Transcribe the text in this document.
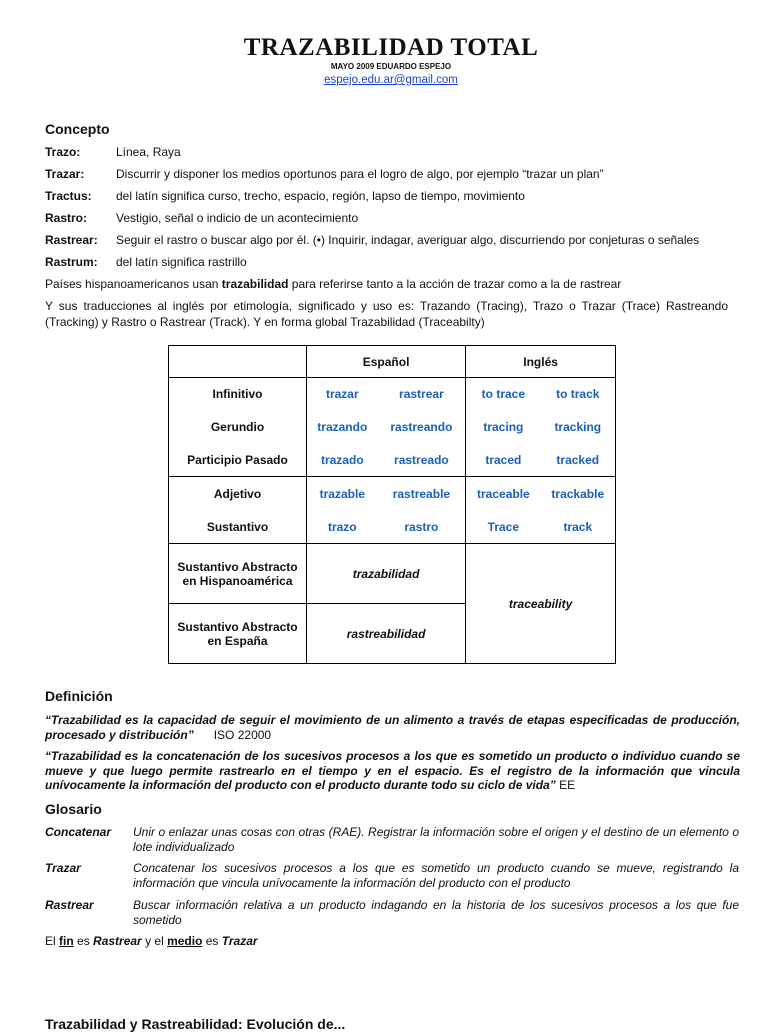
TRAZABILIDAD TOTAL
MAYO 2009 EDUARDO ESPEJO
espejo.edu.ar@gmail.com
Concepto
Trazo:	Línea, Raya
Trazar:	Discurrir y disponer los medios oportunos para el logro de algo, por ejemplo “trazar un plan”
Tractus: del latín significa curso, trecho, espacio, región, lapso de tiempo, movimiento
Rastro: Vestigio, señal o indicio de un acontecimiento
Rastrear: Seguir el rastro o buscar algo por él. (•) Inquirir, indagar, averiguar algo, discurriendo por conjeturas o señales
Rastrum: del latín significa rastrillo
Países hispanoamericanos usan trazabilidad para referirse tanto a la acción de trazar como a la de rastrear
Y sus traducciones al inglés por etimología, significado y uso es: Trazando (Tracing), Trazo o Trazar (Trace) Rastreando (Tracking) y Rastro o Rastrear (Track). Y en forma global Trazabilidad (Traceabilty)
	Español		Inglés	
Infinitivo	trazar	rastrear	to trace	to track
Gerundio	trazando	rastreando	tracing	tracking
Participio Pasado	trazado	rastreado	traced	tracked
Adjetivo	trazable	rastreable	traceable	trackable
Sustantivo	trazo	rastro	Trace	track
Sustantivo Abstracto en Hispanoamérica	trazabilidad		traceability	
Sustantivo Abstracto en España	rastreabilidad			
Definición
“Trazabilidad es la capacidad de seguir el movimiento de un alimento a través de etapas especificadas de producción, procesado y distribución” ISO 22000
“Trazabilidad es la concatenación de los sucesivos procesos a los que es sometido un producto o individuo cuando se mueve y que luego permite rastrearlo en el tiempo y en el espacio. Es el registro de la información que vincula unívocamente la información del producto con el producto durante todo su ciclo de vida” EE
Glosario
Concatenar Unir o enlazar unas cosas con otras (RAE). Registrar la información sobre el origen y el destino de un elemento o lote individualizado
Trazar	Concatenar los sucesivos procesos a los que es sometido un producto cuando se mueve, registrando la información que vincula unívocamente la información del producto con el producto
Rastrear	Buscar información relativa a un producto indagando en la historia de los sucesivos procesos a los que fue sometido
El fin es Rastrear y el medio es Trazar
Trazabilidad y Rastreabilidad: Evolución de...
